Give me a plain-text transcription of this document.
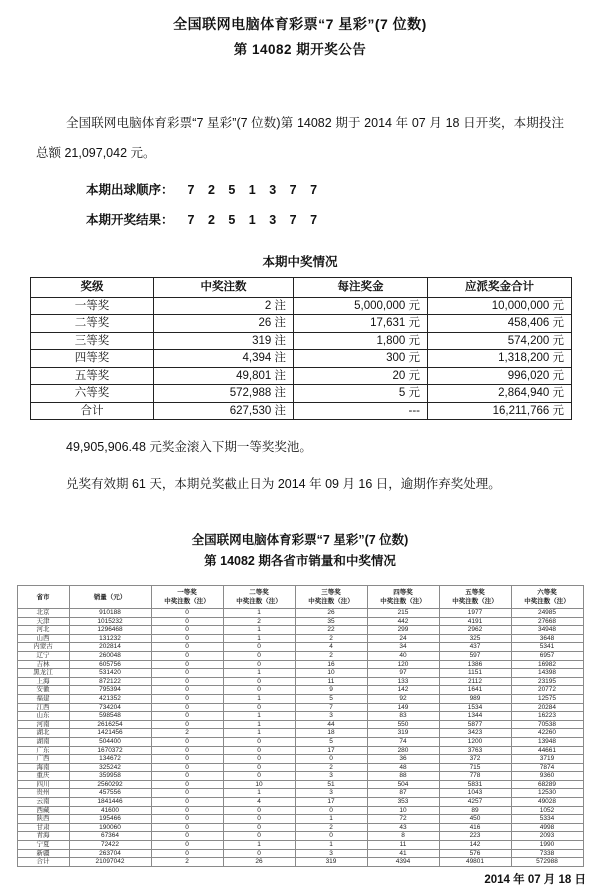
全国联网电脑体育彩票“7 星彩”(7 位数)
第 14082 期开奖公告

全国联网电脑体育彩票“7 星彩”(7 位数)第 14082 期于 2014 年 07 月 18 日开奖，本期投注总额 21,097,042 元。

本期出球顺序： 7 2 5 1 3 7 7
本期开奖结果： 7 2 5 1 3 7 7
本期中奖情况
奖级	中奖注数	每注奖金	应派奖金合计
一等奖	2 注	5,000,000 元	10,000,000 元
二等奖	26 注	17,631 元	458,406 元
三等奖	319 注	1,800 元	574,200 元
四等奖	4,394 注	300 元	1,318,200 元
五等奖	49,801 注	20 元	996,020 元
六等奖	572,988 注	5 元	2,864,940 元
合计	627,530 注	---	16,211,766 元

49,905,906.48 元奖金滚入下期一等奖奖池。

兑奖有效期 61 天，本期兑奖截止日为 2014 年 09 月 16 日，逾期作弃奖处理。

全国联网电脑体育彩票“7 星彩”(7 位数)
第 14082 期各省市销量和中奖情况
省市	销量（元）	
一等奖
中奖注数（注）

二等奖
中奖注数（注）

三等奖
中奖注数（注）

四等奖
中奖注数（注）

五等奖
中奖注数（注）

六等奖
中奖注数（注）

北京	910188	0	1	26	215	1977	24985
天津	1015232	0	2	35	442	4191	27668
河北	1296468	0	1	22	299	2962	34948
山西	131232	0	1	2	24	325	3648
内蒙古	202814	0	0	4	34	437	5341
辽宁	260048	0	0	2	40	597	6957
吉林	605756	0	0	16	120	1386	16982
黑龙江	531420	0	1	10	97	1151	14398
上海	872122	0	0	11	133	2112	23195
安徽	795394	0	0	9	142	1641	20772
福建	421352	0	1	5	92	989	12575
江西	734204	0	0	7	149	1534	20284
山东	598548	0	1	3	83	1344	16223
河南	2616254	0	1	44	550	5877	70538
湖北	1421456	2	1	18	319	3423	42260
湖南	504400	0	0	5	74	1200	13948
广东	1670372	0	0	17	280	3763	44661
广西	134672	0	0	0	36	372	3719
海南	325242	0	0	2	48	715	7874
重庆	359958	0	0	3	88	778	9360
四川	2560292	0	10	51	504	5831	68289
贵州	457556	0	1	3	87	1043	12530
云南	1841446	0	4	17	353	4257	49028
西藏	41600	0	0	0	10	89	1052
陕西	195466	0	0	1	72	450	5334
甘肃	190060	0	0	2	43	416	4998
青海	67364	0	0	0	8	223	2093
宁夏	72422	0	1	1	11	142	1990
新疆	263704	0	0	3	41	576	7338
合计	21097042	2	26	319	4394	49801	572988
2014 年 07 月 18 日
